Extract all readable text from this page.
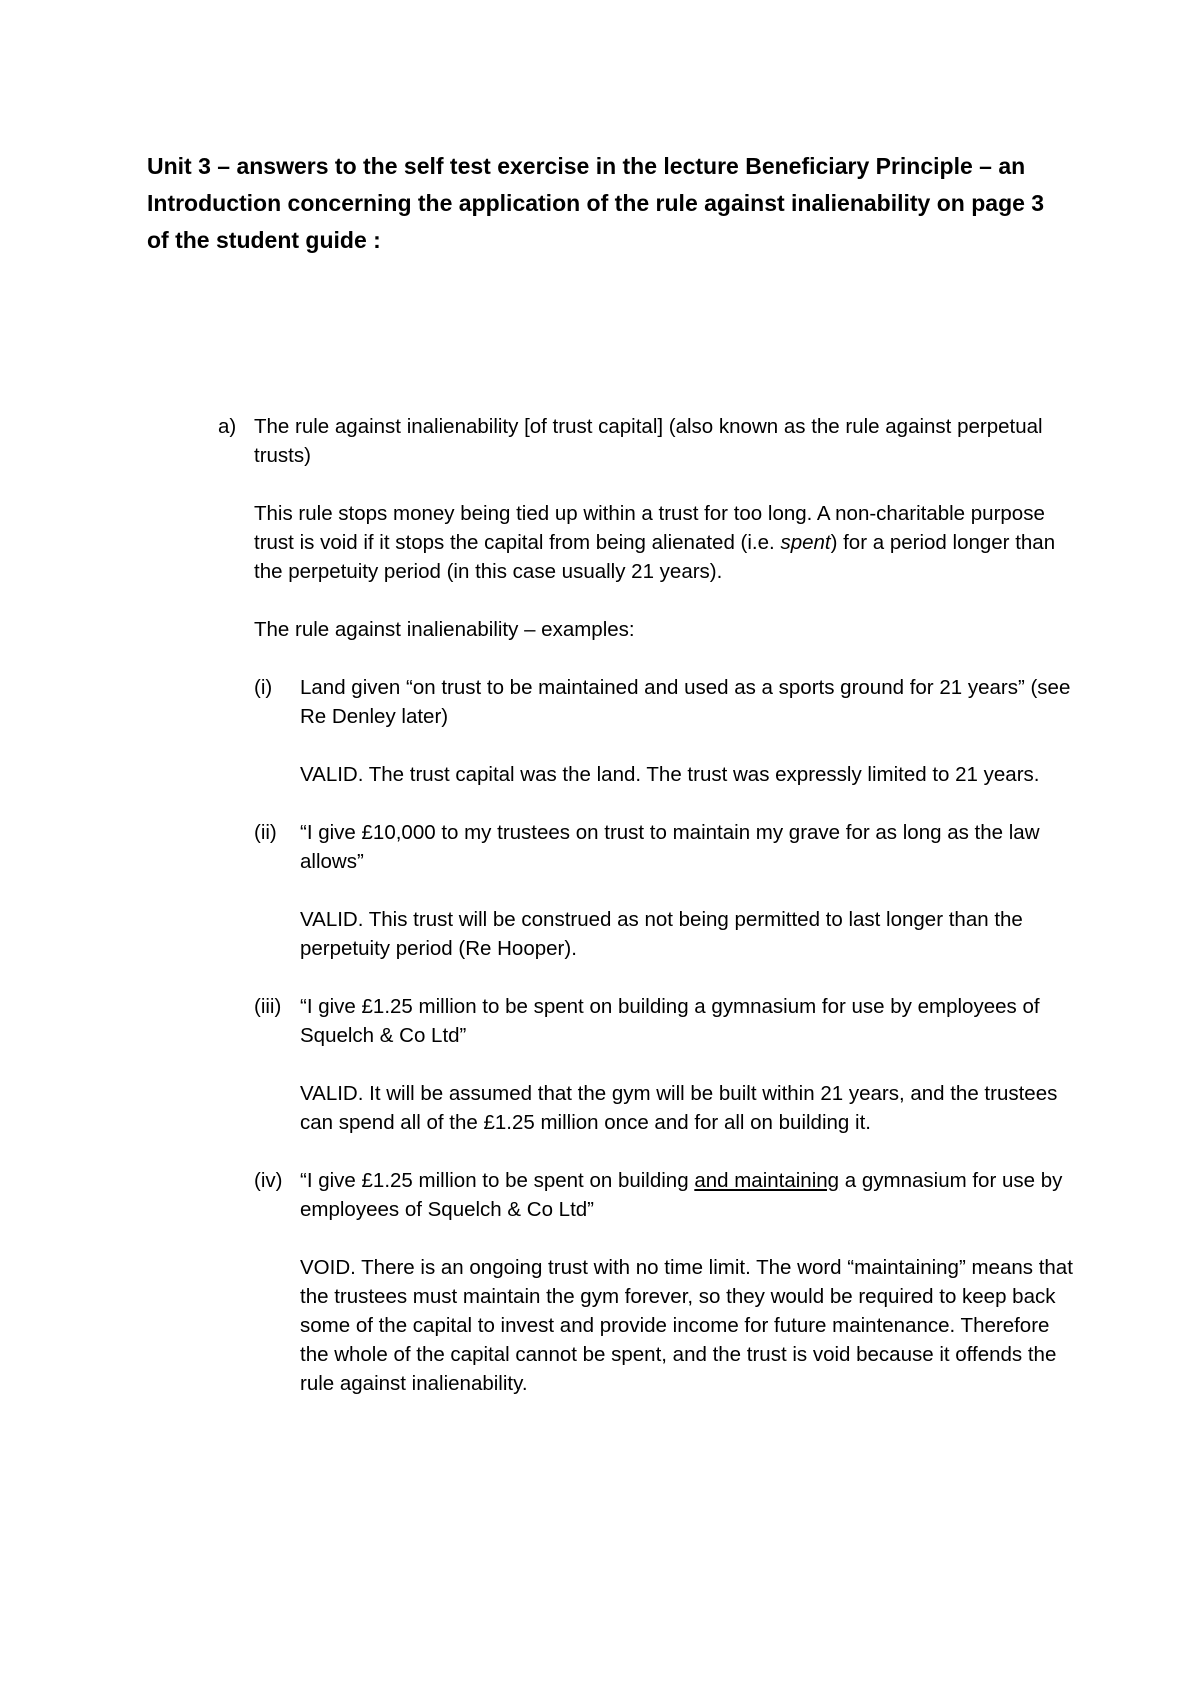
Unit 3 – answers to the self test exercise in the lecture Beneficiary Principle – an Introduction concerning the application of the rule against inalienability on page 3 of the student guide :

a) The rule against inalienability [of trust capital] (also known as the rule against perpetual trusts)

This rule stops money being tied up within a trust for too long. A non-charitable purpose trust is void if it stops the capital from being alienated (i.e. spent) for a period longer than the perpetuity period (in this case usually 21 years).

The rule against inalienability – examples:

(i)	Land given “on trust to be maintained and used as a sports ground for 21 years” (see Re Denley later)

VALID. The trust capital was the land. The trust was expressly limited to 21 years.

(ii)	“I give £10,000 to my trustees on trust to maintain my grave for as long as the law allows”

VALID. This trust will be construed as not being permitted to last longer than the perpetuity period (Re Hooper).

(iii) “I give £1.25 million to be spent on building a gymnasium for use by employees of Squelch & Co Ltd”

VALID. It will be assumed that the gym will be built within 21 years, and the trustees can spend all of the £1.25 million once and for all on building it.

(iv) “I give £1.25 million to be spent on building and maintaining a gymnasium for use by employees of Squelch & Co Ltd”

VOID. There is an ongoing trust with no time limit. The word “maintaining” means that the trustees must maintain the gym forever, so they would be required to keep back some of the capital to invest and provide income for future maintenance. Therefore the whole of the capital cannot be spent, and the trust is void because it offends the rule against inalienability.
